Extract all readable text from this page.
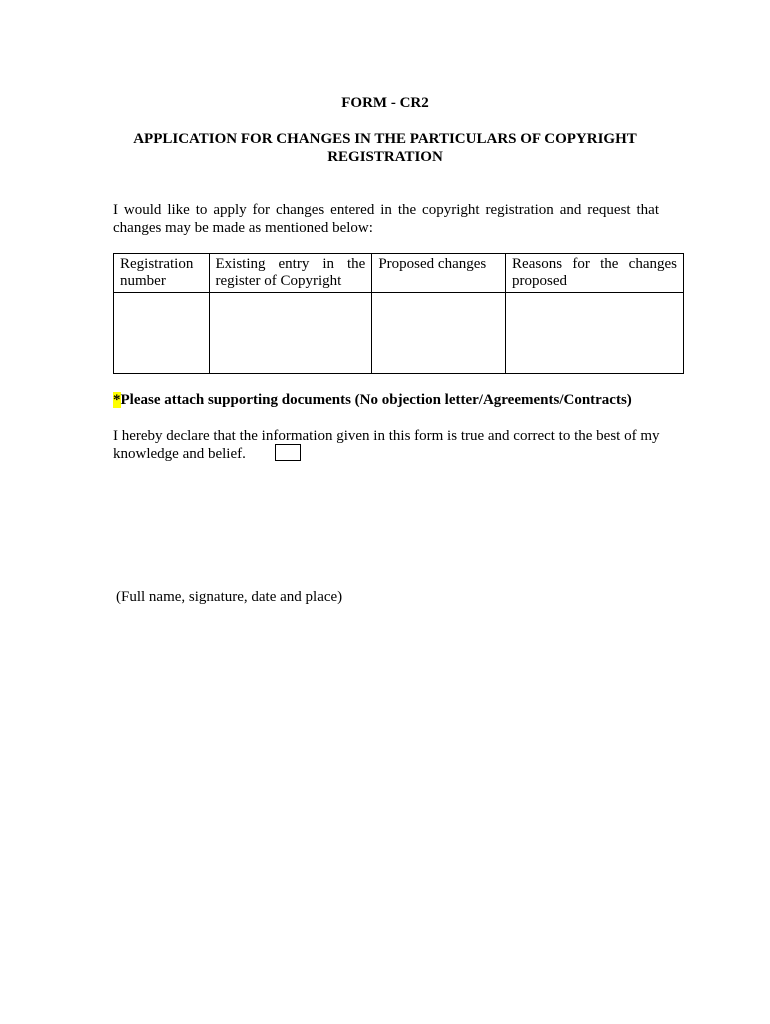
FORM - CR2
APPLICATION FOR CHANGES IN THE PARTICULARS OF COPYRIGHT REGISTRATION
I would like to apply for changes entered in the copyright registration and request that changes may be made as mentioned below:
Registration number	Existing entry in the register of Copyright	Proposed changes	Reasons for the changes proposed

*Please attach supporting documents (No objection letter/Agreements/Contracts)
I hereby declare that the information given in this form is true and correct to the best of my knowledge and belief.
(Full name, signature, date and place)
